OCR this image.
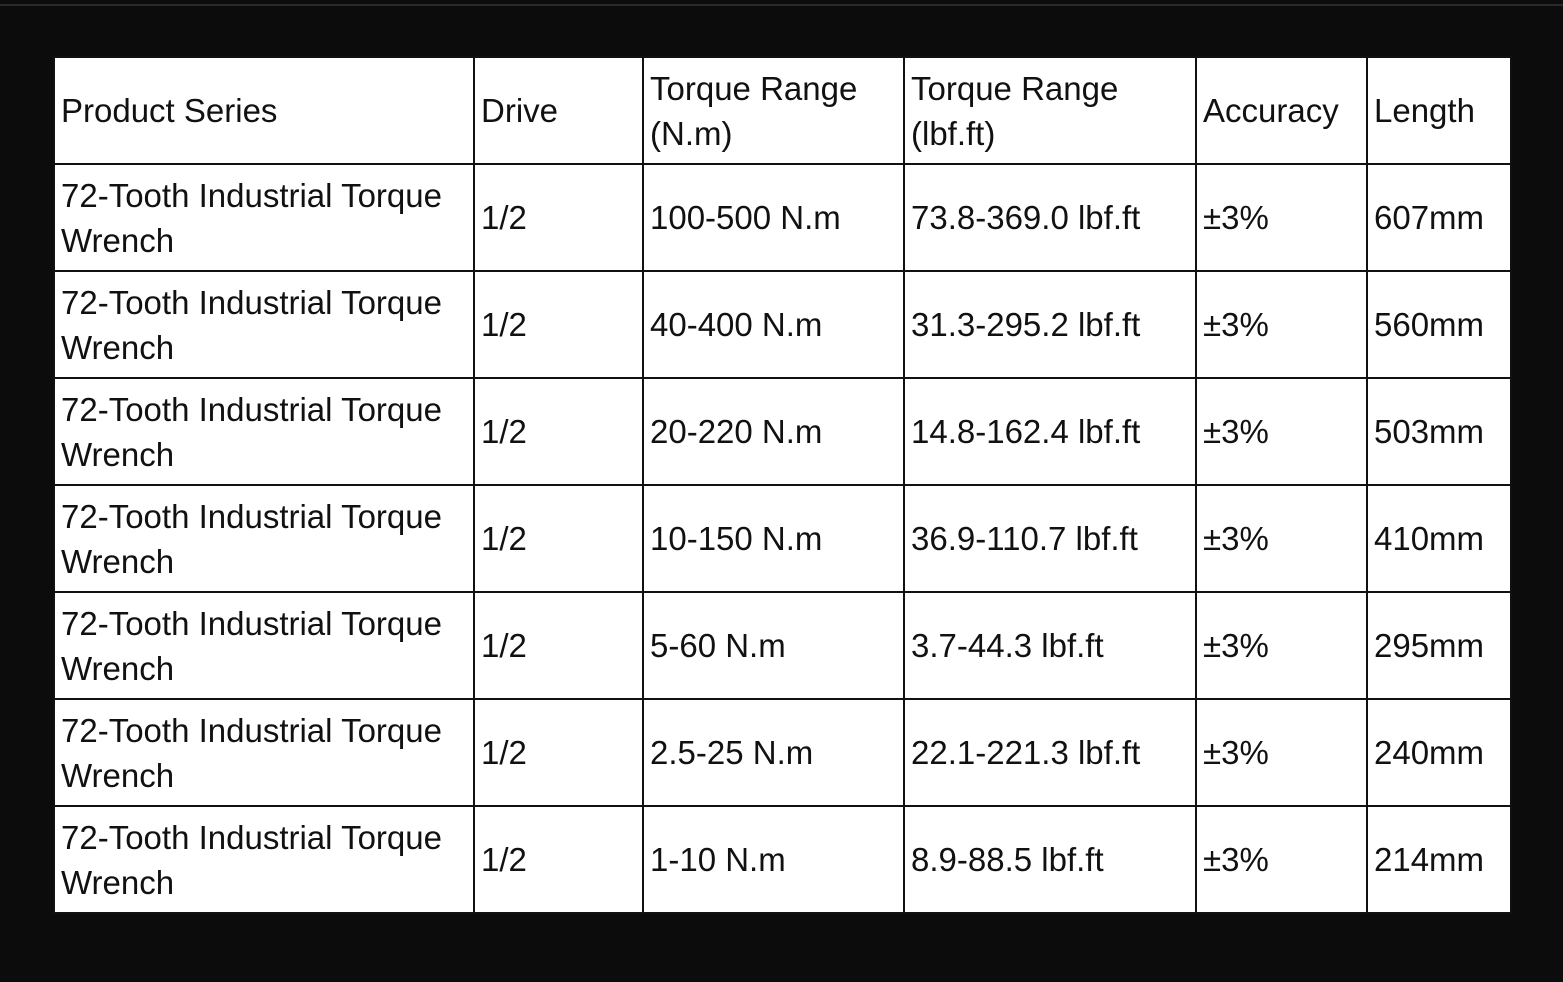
Product Series	Drive	Torque Range (N.m)	Torque Range (lbf.ft)	Accuracy	Length
72-Tooth Industrial Torque Wrench	1/2	100-500 N.m	73.8-369.0 lbf.ft	±3%	607mm
72-Tooth Industrial Torque Wrench	1/2	40-400 N.m	31.3-295.2 lbf.ft	±3%	560mm
72-Tooth Industrial Torque Wrench	1/2	20-220 N.m	14.8-162.4 lbf.ft	±3%	503mm
72-Tooth Industrial Torque Wrench	1/2	10-150 N.m	36.9-110.7 lbf.ft	±3%	410mm
72-Tooth Industrial Torque Wrench	1/2	5-60 N.m	3.7-44.3 lbf.ft	±3%	295mm
72-Tooth Industrial Torque Wrench	1/2	2.5-25 N.m	22.1-221.3 lbf.ft	±3%	240mm
72-Tooth Industrial Torque Wrench	1/2	1-10 N.m	8.9-88.5 lbf.ft	±3%	214mm
